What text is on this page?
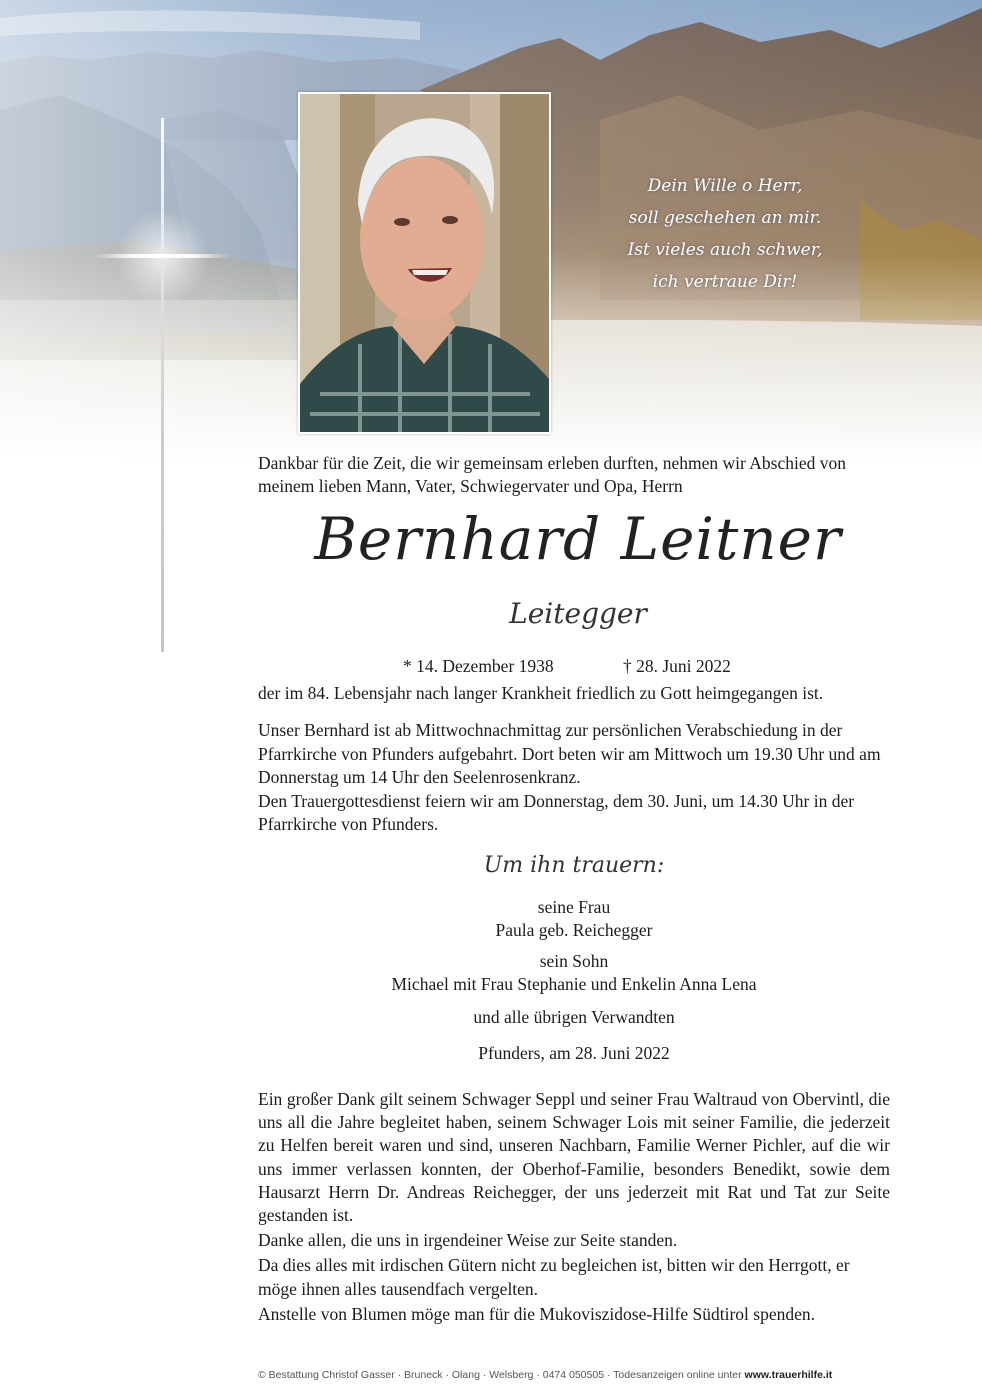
Dein Wille o Herr,
soll geschehen an mir.
Ist vieles auch schwer,
ich vertraue Dir!
Dankbar für die Zeit, die wir gemeinsam erleben durften, nehmen wir Abschied von meinem lieben Mann, Vater, Schwiegervater und Opa, Herrn
Bernhard Leitner
Leitegger
* 14. Dezember 1938	† 28. Juni 2022
der im 84. Lebensjahr nach langer Krankheit friedlich zu Gott heimgegangen ist.
Unser Bernhard ist ab Mittwochnachmittag zur persönlichen Verabschiedung in der Pfarrkirche von Pfunders aufgebahrt. Dort beten wir am Mittwoch um 19.30 Uhr und am Donnerstag um 14 Uhr den Seelenrosenkranz.
Den Trauergottesdienst feiern wir am Donnerstag, dem 30. Juni, um 14.30 Uhr in der Pfarrkirche von Pfunders.
Um ihn trauern:
seine Frau
Paula geb. Reichegger
sein Sohn
Michael mit Frau Stephanie und Enkelin Anna Lena
und alle übrigen Verwandten
Pfunders, am 28. Juni 2022

Ein großer Dank gilt seinem Schwager Seppl und seiner Frau Waltraud von Obervintl, die uns all die Jahre begleitet haben, seinem Schwager Lois mit seiner Familie, die jederzeit zu Helfen bereit waren und sind, unseren Nachbarn, Familie Werner Pichler, auf die wir uns immer verlassen konnten, der Oberhof-Familie, besonders Benedikt, sowie dem Hausarzt Herrn Dr. Andreas Reichegger, der uns jederzeit mit Rat und Tat zur Seite gestanden ist.

Danke allen, die uns in irgendeiner Weise zur Seite standen.

Da dies alles mit irdischen Gütern nicht zu begleichen ist, bitten wir den Herrgott, er möge ihnen alles tausendfach vergelten.

Anstelle von Blumen möge man für die Mukoviszidose-Hilfe Südtirol spenden.

© Bestattung Christof Gasser · Bruneck · Olang · Welsberg · 0474 050505 · Todesanzeigen online unter www.trauerhilfe.it
